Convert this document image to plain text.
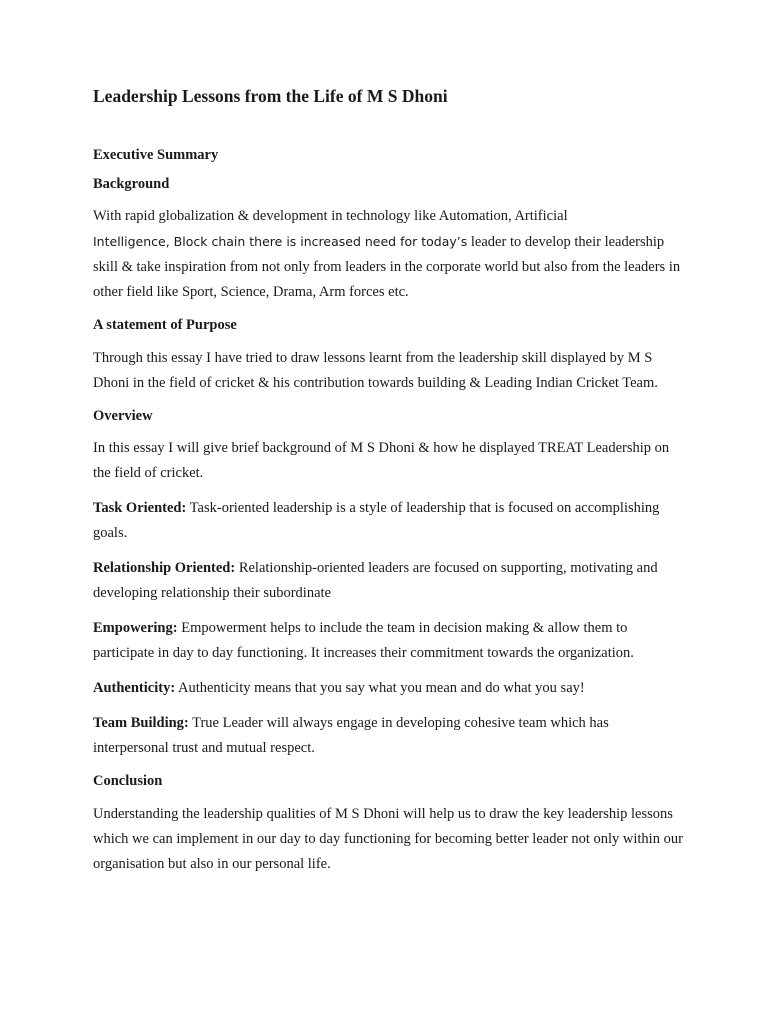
Leadership Lessons from the Life of M S Dhoni

Executive Summary

Background

With rapid globalization & development in technology like Automation, Artificial
Intelligence, Block chain there is increased need for today’s leader to develop their leadership
skill & take inspiration from not only from leaders in the corporate world but also from the leaders in other field like Sport, Science, Drama, Arm forces etc.

A statement of Purpose

Through this essay I have tried to draw lessons learnt from the leadership skill displayed by M S Dhoni in the field of cricket & his contribution towards building & Leading Indian Cricket Team.

Overview

In this essay I will give brief background of M S Dhoni & how he displayed TREAT Leadership on the field of cricket.

Task Oriented: Task-oriented leadership is a style of leadership that is focused on accomplishing goals.

Relationship Oriented: Relationship-oriented leaders are focused on supporting, motivating and developing relationship their subordinate

Empowering: Empowerment helps to include the team in decision making & allow them to participate in day to day functioning. It increases their commitment towards the organization.

Authenticity: Authenticity means that you say what you mean and do what you say!

Team Building: True Leader will always engage in developing cohesive team which has interpersonal trust and mutual respect.

Conclusion

Understanding the leadership qualities of M S Dhoni will help us to draw the key leadership lessons which we can implement in our day to day functioning for becoming better leader not only within our organisation but also in our personal life.
